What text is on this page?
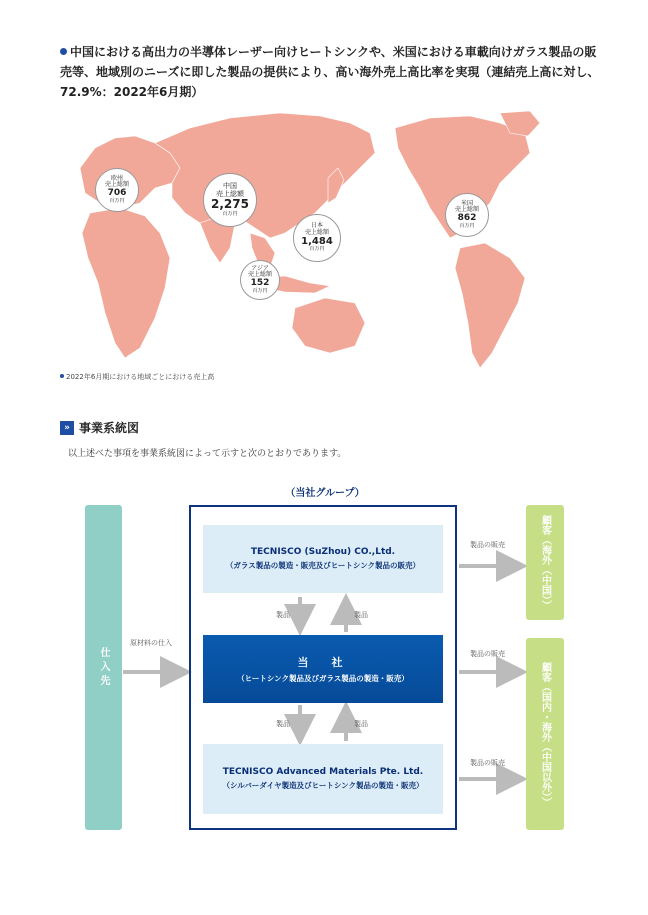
中国における高出力の半導体レーザー向けヒートシンクや、米国における車載向けガラス製品の販売等、地域別のニーズに即した製品の提供により、高い海外売上高比率を実現（連結売上高に対し、72.9%：2022年6月期）
欧州
売上総額
706
百万円
中国
売上総額
2,275
百万円
日本
売上総額
1,484
百万円
アジア
売上総額
152
百万円
米国
売上総額
862
百万円
2022年6月期における地域ごとにおける売上高
» 事業系統図
以上述べた事項を事業系統図によって示すと次のとおりであります。
（当社グループ）
仕入先
原材料の仕入
TECNISCO (SuZhou) CO.,Ltd.
（ガラス製品の製造・販売及びヒートシンク製品の販売）
当　社
（ヒートシンク製品及びガラス製品の製造・販売）
TECNISCO Advanced Materials Pte. Ltd.
（シルバーダイヤ製造及びヒートシンク製品の製造・販売）
製品	製品
製品	製品
製品の販売
製品の販売
製品の販売
顧客（海外（中国））
顧客（国内・海外（中国以外））
